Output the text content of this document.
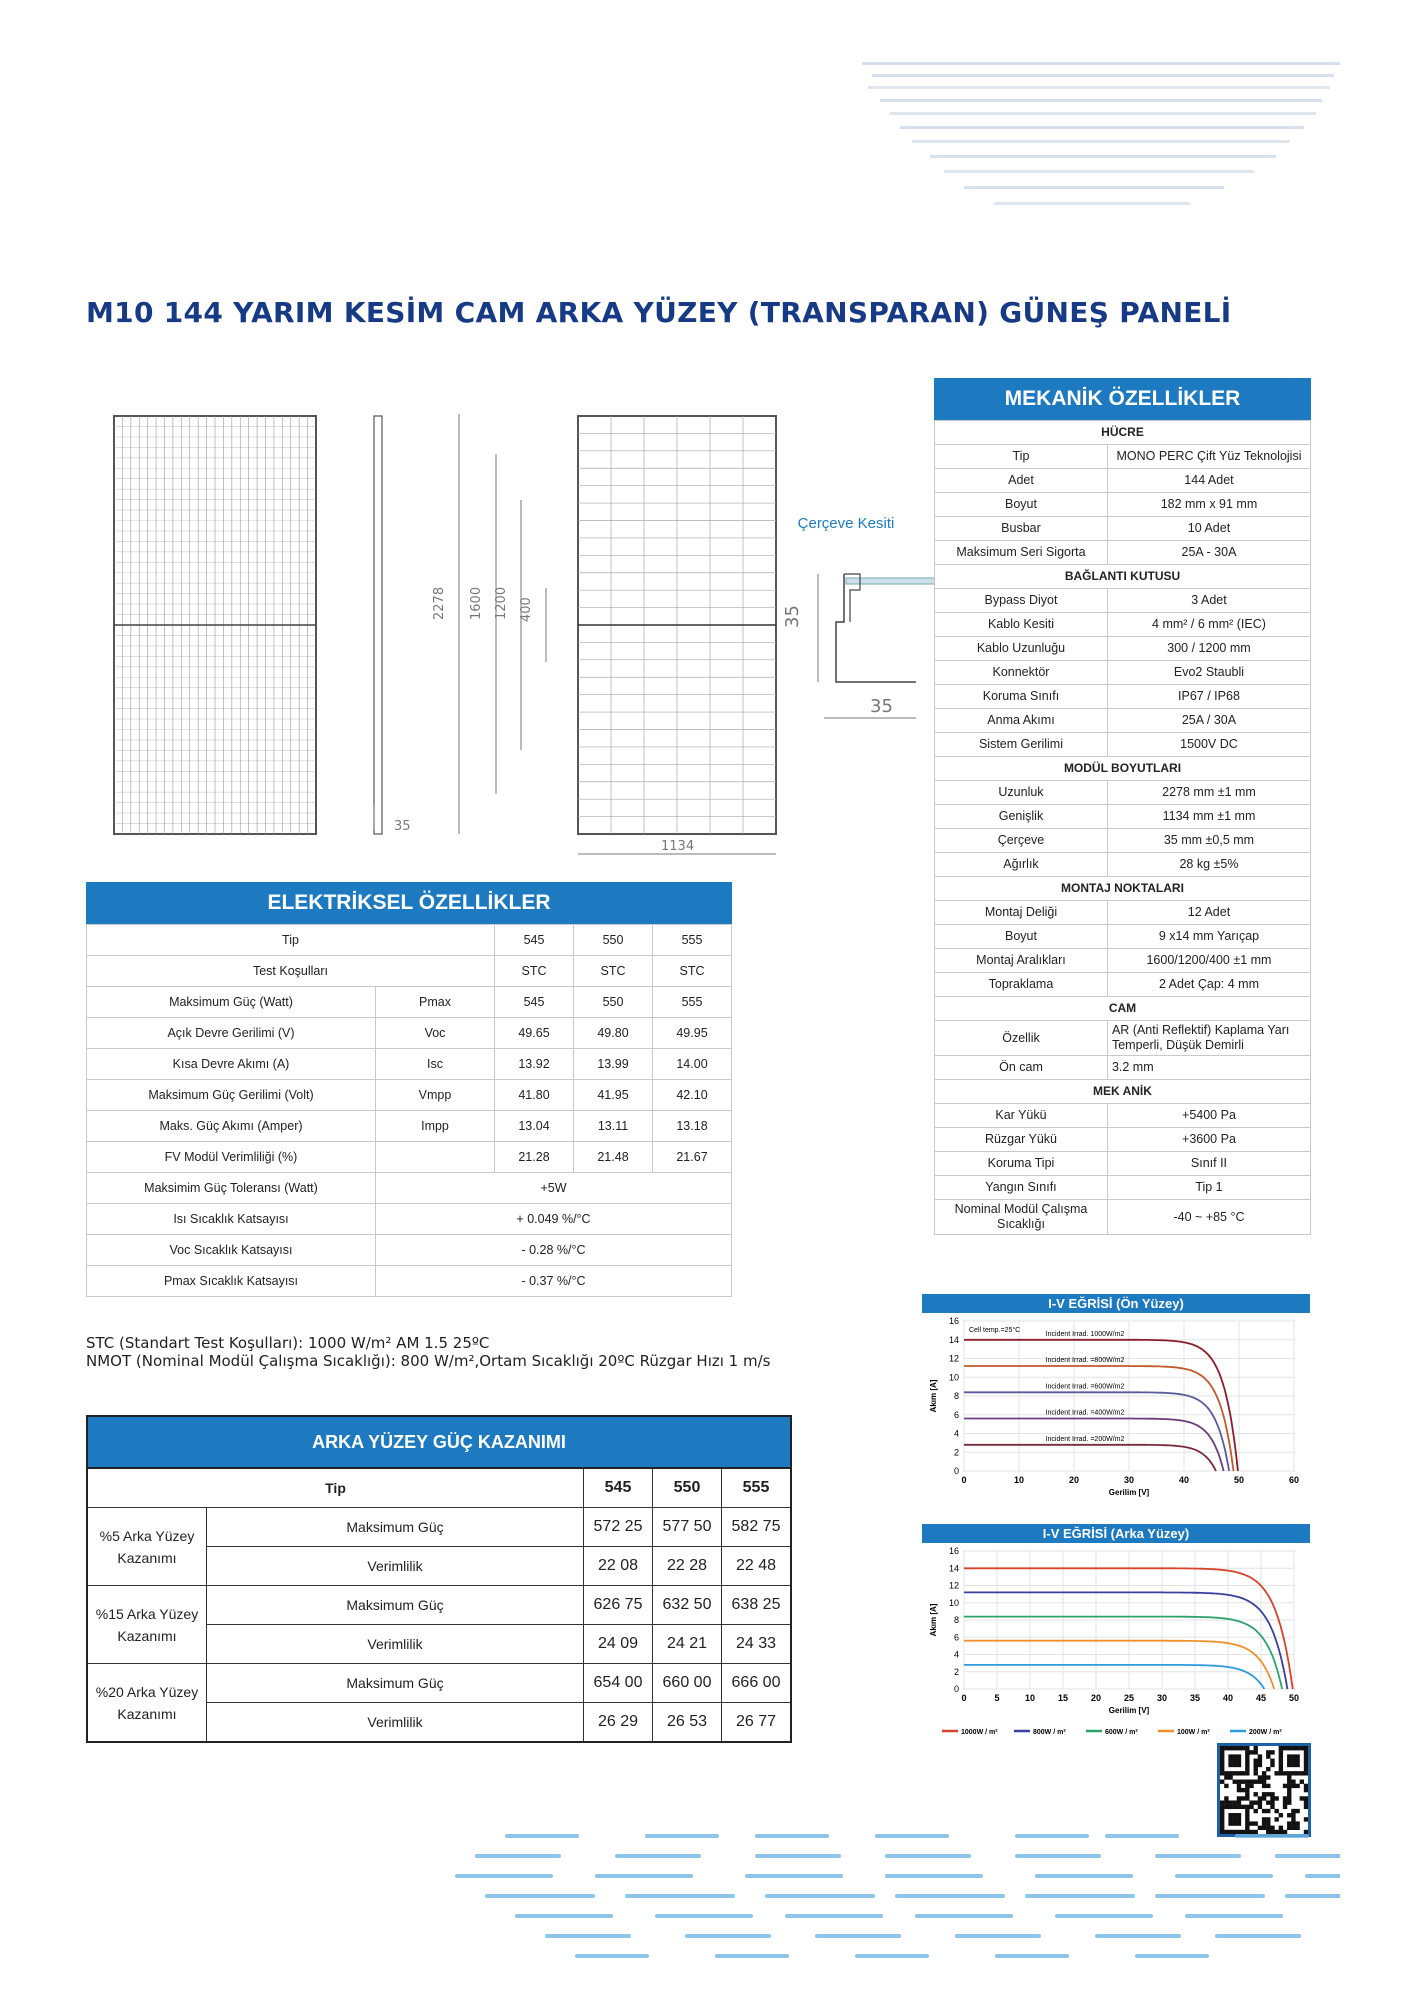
M10 144 YARIM KESİM CAM ARKA YÜZEY (TRANSPARAN) GÜNEŞ PANELİ
35
2278 1600 1200 400
1134
Çerçeve Kesiti
35
35
MEKANİK ÖZELLİKLER
HÜCRE	
Tip	MONO PERC Çift Yüz Teknolojisi
Adet	144 Adet
Boyut	182 mm x 91 mm
Busbar	10 Adet
Maksimum Seri Sigorta	25A - 30A
BAĞLANTI KUTUSU	
Bypass Diyot	3 Adet
Kablo Kesiti	4 mm² / 6 mm² (IEC)
Kablo Uzunluğu	300 / 1200 mm
Konnektör	Evo2 Staubli
Koruma Sınıfı	IP67 / IP68
Anma Akımı	25A / 30A
Sistem Gerilimi	1500V DC
MODÜL BOYUTLARI	
Uzunluk	2278 mm ±1 mm
Genişlik	1134 mm ±1 mm
Çerçeve	35 mm ±0,5 mm
Ağırlık	28 kg ±5%
MONTAJ NOKTALARI	
Montaj Deliği	12 Adet
Boyut	9 x14 mm Yarıçap
Montaj Aralıkları	1600/1200/400 ±1 mm
Topraklama	2 Adet Çap: 4 mm
CAM	
Özellik	AR (Anti Reflektif) Kaplama Yarı Temperli, Düşük Demirli
Ön cam	3.2 mm
MEK ANİK	
Kar Yükü	+5400 Pa
Rüzgar Yükü	+3600 Pa
Koruma Tipi	Sınıf II
Yangın Sınıfı	Tip 1
Nominal Modül Çalışma Sıcaklığı	-40 ~ +85 °C
ELEKTRİKSEL ÖZELLİKLER
Tip		545	550	555
Test Koşulları		STC	STC	STC
Maksimum Güç (Watt)	Pmax	545	550	555
Açık Devre Gerilimi (V)	Voc	49.65	49.80	49.95
Kısa Devre Akımı (A)	Isc	13.92	13.99	14.00
Maksimum Güç Gerilimi (Volt)	Vmpp	41.80	41.95	42.10
Maks. Güç Akımı (Amper)	Impp	13.04	13.11	13.18
FV Modül Verimliliği (%)		21.28	21.48	21.67
Maksimim Güç Toleransı (Watt)	+5W			
Isı Sıcaklık Katsayısı	+ 0.049 %/°C			
Voc Sıcaklık Katsayısı	- 0.28 %/°C			
Pmax Sıcaklık Katsayısı	- 0.37 %/°C			
STC (Standart Test Koşulları): 1000 W/m² AM 1.5 25ºC
NMOT (Nominal Modül Çalışma Sıcaklığı): 800 W/m²,Ortam Sıcaklığı 20ºC Rüzgar Hızı 1 m/s
ARKA YÜZEY GÜÇ KAZANIMI
Tip		545	550	555
%5 Arka Yüzey Kazanımı	Maksimum Güç	572 25	577 50	582 75
	Verimlilik	22 08	22 28	22 48
%15 Arka Yüzey Kazanımı	Maksimum Güç	626 75	632 50	638 25
	Verimlilik	24 09	24 21	24 33
%20 Arka Yüzey Kazanımı	Maksimum Güç	654 00	660 00	666 00
	Verimlilik	26 29	26 53	26 77
I-V EĞRİSİ (Ön Yüzey)
0
2
4
6
8
10
12
14
16
0	10	20	30	40	50	60
Gerilim [V]
Akım [A]
Cell temp.=25°C
Incident Irrad. 1000W/m2
Incident Irrad. =800W/m2
Incident Irrad. =600W/m2
Incident Irrad. =400W/m2
Incident Irrad. =200W/m2
I-V EĞRİSİ (Arka Yüzey)
0
2
4
6
8
10
12
14
16
0	5	10	15	20	25	30	35	40	45	50
Gerilim [V]
Akım [A]
1000W / m²	800W / m²	600W / m²	100W / m²	200W / m²
